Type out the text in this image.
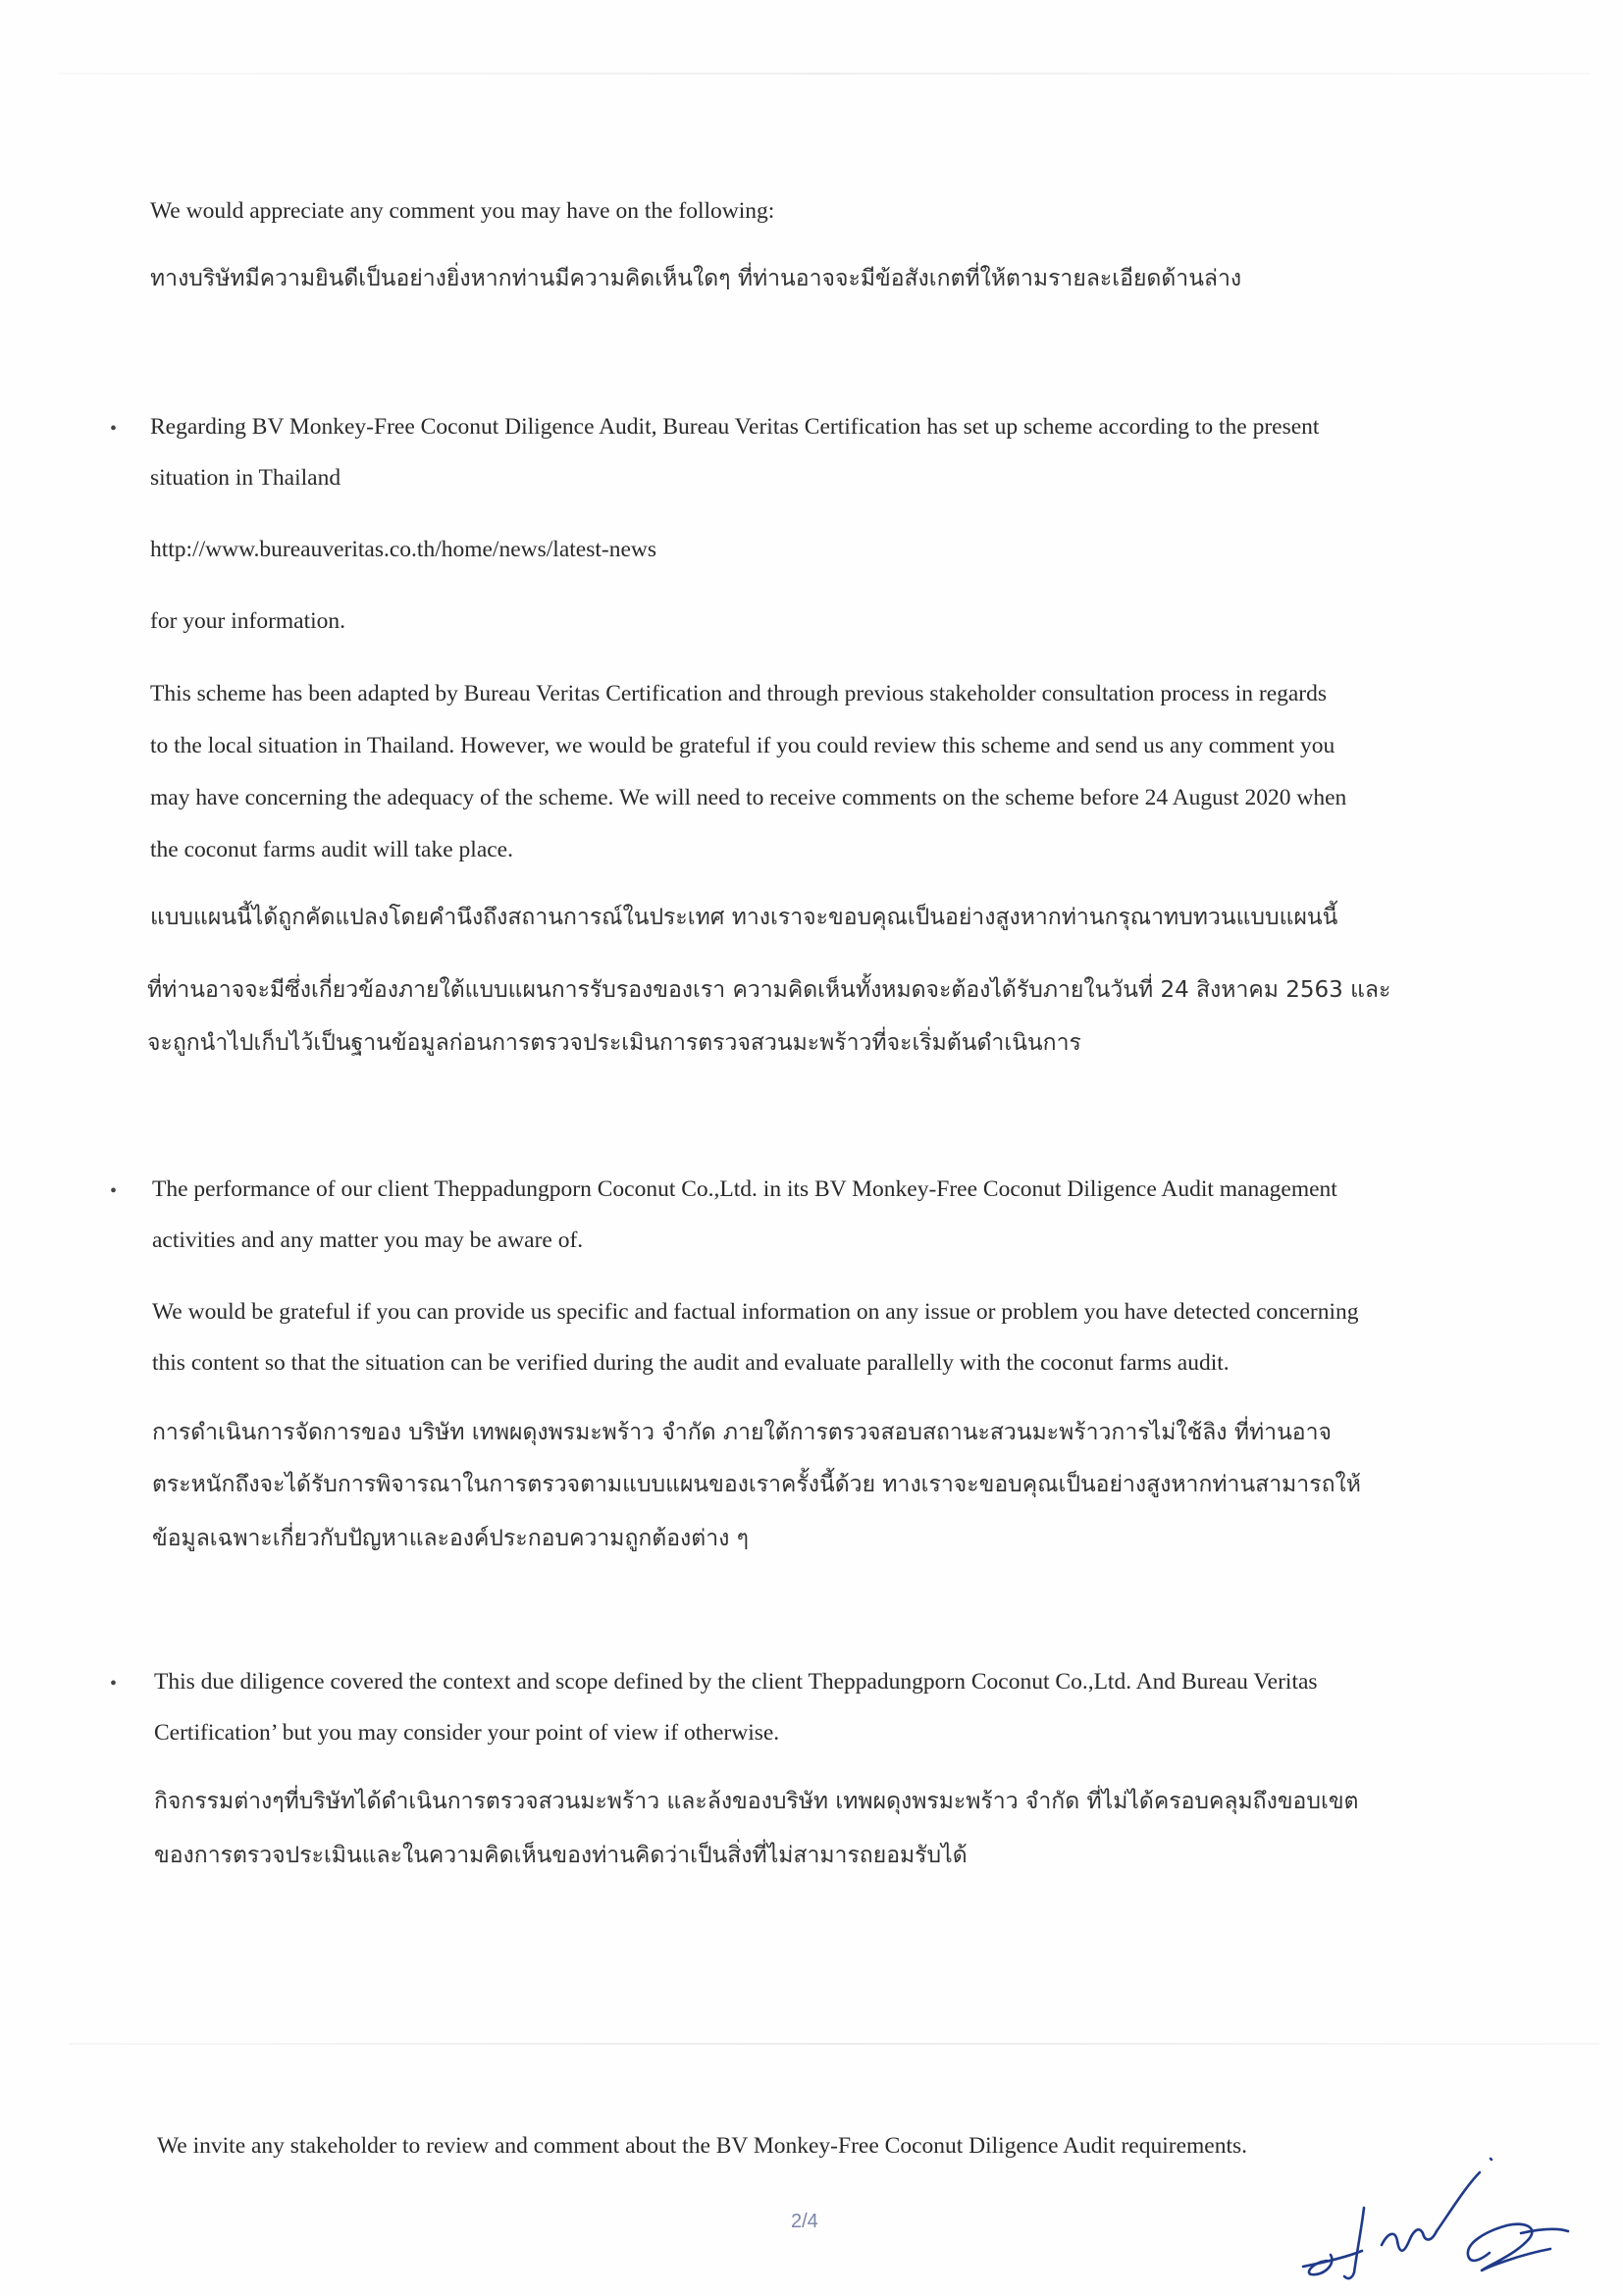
We would appreciate any comment you may have on the following:
ทางบริษัทมีความยินดีเป็นอย่างยิ่งหากท่านมีความคิดเห็นใดๆ ที่ท่านอาจจะมีข้อสังเกตที่ให้ตามรายละเอียดด้านล่าง
• Regarding BV Monkey-Free Coconut Diligence Audit, Bureau Veritas Certification has set up scheme according to the present
situation in Thailand
http://www.bureauveritas.co.th/home/news/latest-news
for your information.
This scheme has been adapted by Bureau Veritas Certification and through previous stakeholder consultation process in regards
to the local situation in Thailand. However, we would be grateful if you could review this scheme and send us any comment you
may have concerning the adequacy of the scheme. We will need to receive comments on the scheme before 24 August 2020 when
the coconut farms audit will take place.
แบบแผนนี้ได้ถูกคัดแปลงโดยคำนึงถึงสถานการณ์ในประเทศ ทางเราจะขอบคุณเป็นอย่างสูงหากท่านกรุณาทบทวนแบบแผนนี้
ที่ท่านอาจจะมีซึ่งเกี่ยวข้องภายใต้แบบแผนการรับรองของเรา ความคิดเห็นทั้งหมดจะต้องได้รับภายในวันที่ 24 สิงหาคม 2563 และ
จะถูกนำไปเก็บไว้เป็นฐานข้อมูลก่อนการตรวจประเมินการตรวจสวนมะพร้าวที่จะเริ่มต้นดำเนินการ
• The performance of our client Theppadungporn Coconut Co.,Ltd. in its BV Monkey-Free Coconut Diligence Audit management
activities and any matter you may be aware of.
We would be grateful if you can provide us specific and factual information on any issue or problem you have detected concerning
this content so that the situation can be verified during the audit and evaluate parallelly with the coconut farms audit.
การดำเนินการจัดการของ บริษัท เทพผดุงพรมะพร้าว จำกัด ภายใต้การตรวจสอบสถานะสวนมะพร้าวการไม่ใช้ลิง ที่ท่านอาจ
ตระหนักถึงจะได้รับการพิจารณาในการตรวจตามแบบแผนของเราครั้งนี้ด้วย ทางเราจะขอบคุณเป็นอย่างสูงหากท่านสามารถให้
ข้อมูลเฉพาะเกี่ยวกับปัญหาและองค์ประกอบความถูกต้องต่าง ๆ
• This due diligence covered the context and scope defined by the client Theppadungporn Coconut Co.,Ltd. And Bureau Veritas
Certification’ but you may consider your point of view if otherwise.
กิจกรรมต่างๆที่บริษัทได้ดำเนินการตรวจสวนมะพร้าว และล้งของบริษัท เทพผดุงพรมะพร้าว จำกัด ที่ไม่ได้ครอบคลุมถึงขอบเขต
ของการตรวจประเมินและในความคิดเห็นของท่านคิดว่าเป็นสิ่งที่ไม่สามารถยอมรับได้
We invite any stakeholder to review and comment about the BV Monkey-Free Coconut Diligence Audit requirements.
2/4
